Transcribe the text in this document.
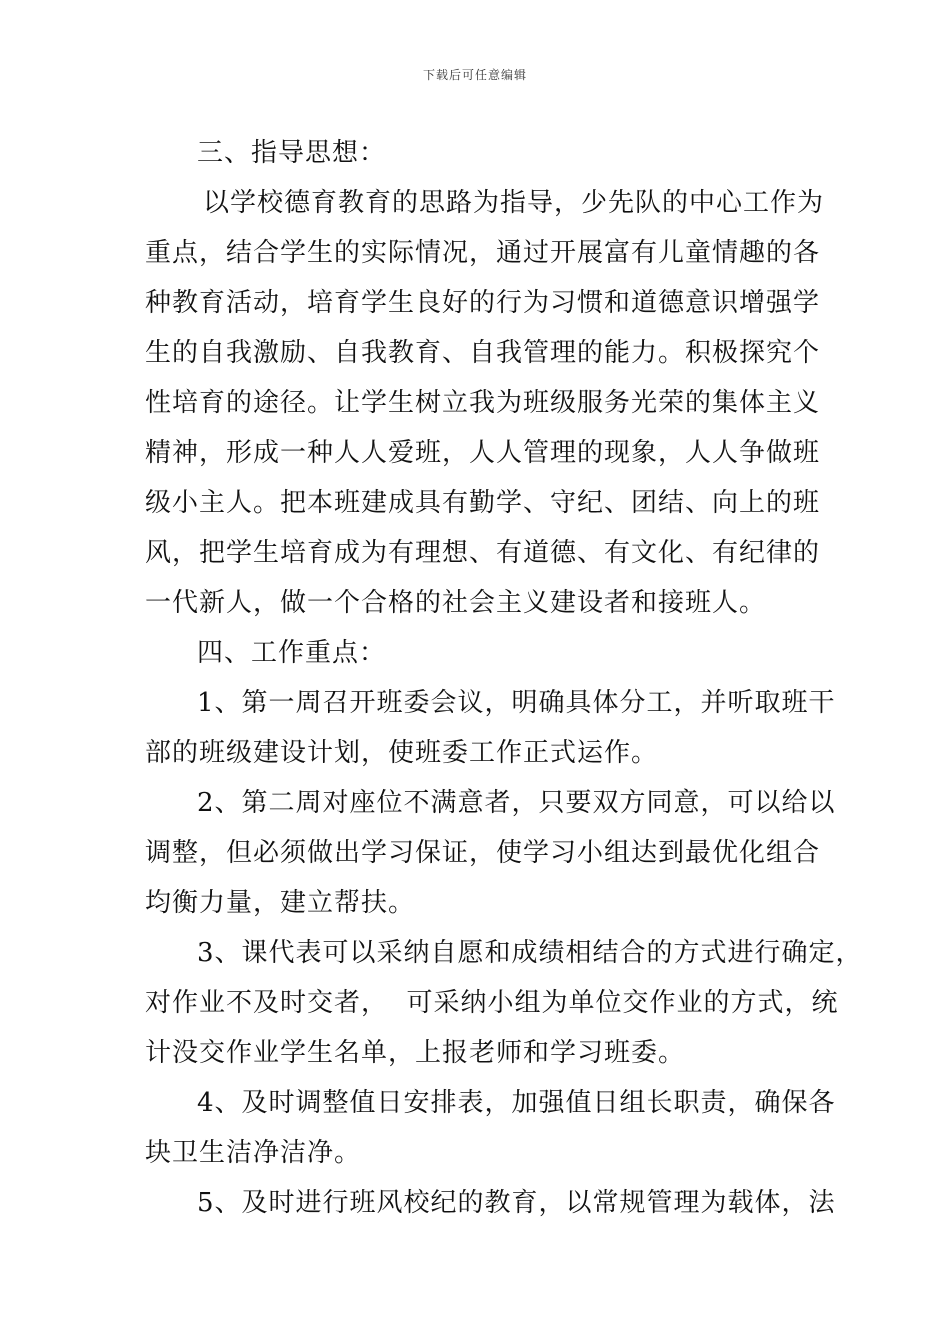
下载后可任意编辑
三、指导思想：
以学校德育教育的思路为指导，少先队的中心工作为
重点，结合学生的实际情况，通过开展富有儿童情趣的各
种教育活动，培育学生良好的行为习惯和道德意识增强学
生的自我激励、自我教育、自我管理的能力。积极探究个
性培育的途径。让学生树立我为班级服务光荣的集体主义
精神，形成一种人人爱班，人人管理的现象，人人争做班
级小主人。把本班建成具有勤学、守纪、团结、向上的班
风，把学生培育成为有理想、有道德、有文化、有纪律的
一代新人，做一个合格的社会主义建设者和接班人。
四、工作重点：
1、第一周召开班委会议，明确具体分工，并听取班干
部的班级建设计划，使班委工作正式运作。
2、第二周对座位不满意者，只要双方同意，可以给以
调整，但必须做出学习保证，使学习小组达到最优化组合
均衡力量，建立帮扶。
3、课代表可以采纳自愿和成绩相结合的方式进行确定，
对作业不及时交者，  可采纳小组为单位交作业的方式，统
计没交作业学生名单，上报老师和学习班委。
4、及时调整值日安排表，加强值日组长职责，确保各
块卫生洁净洁净。
5、及时进行班风校纪的教育，以常规管理为载体，法
